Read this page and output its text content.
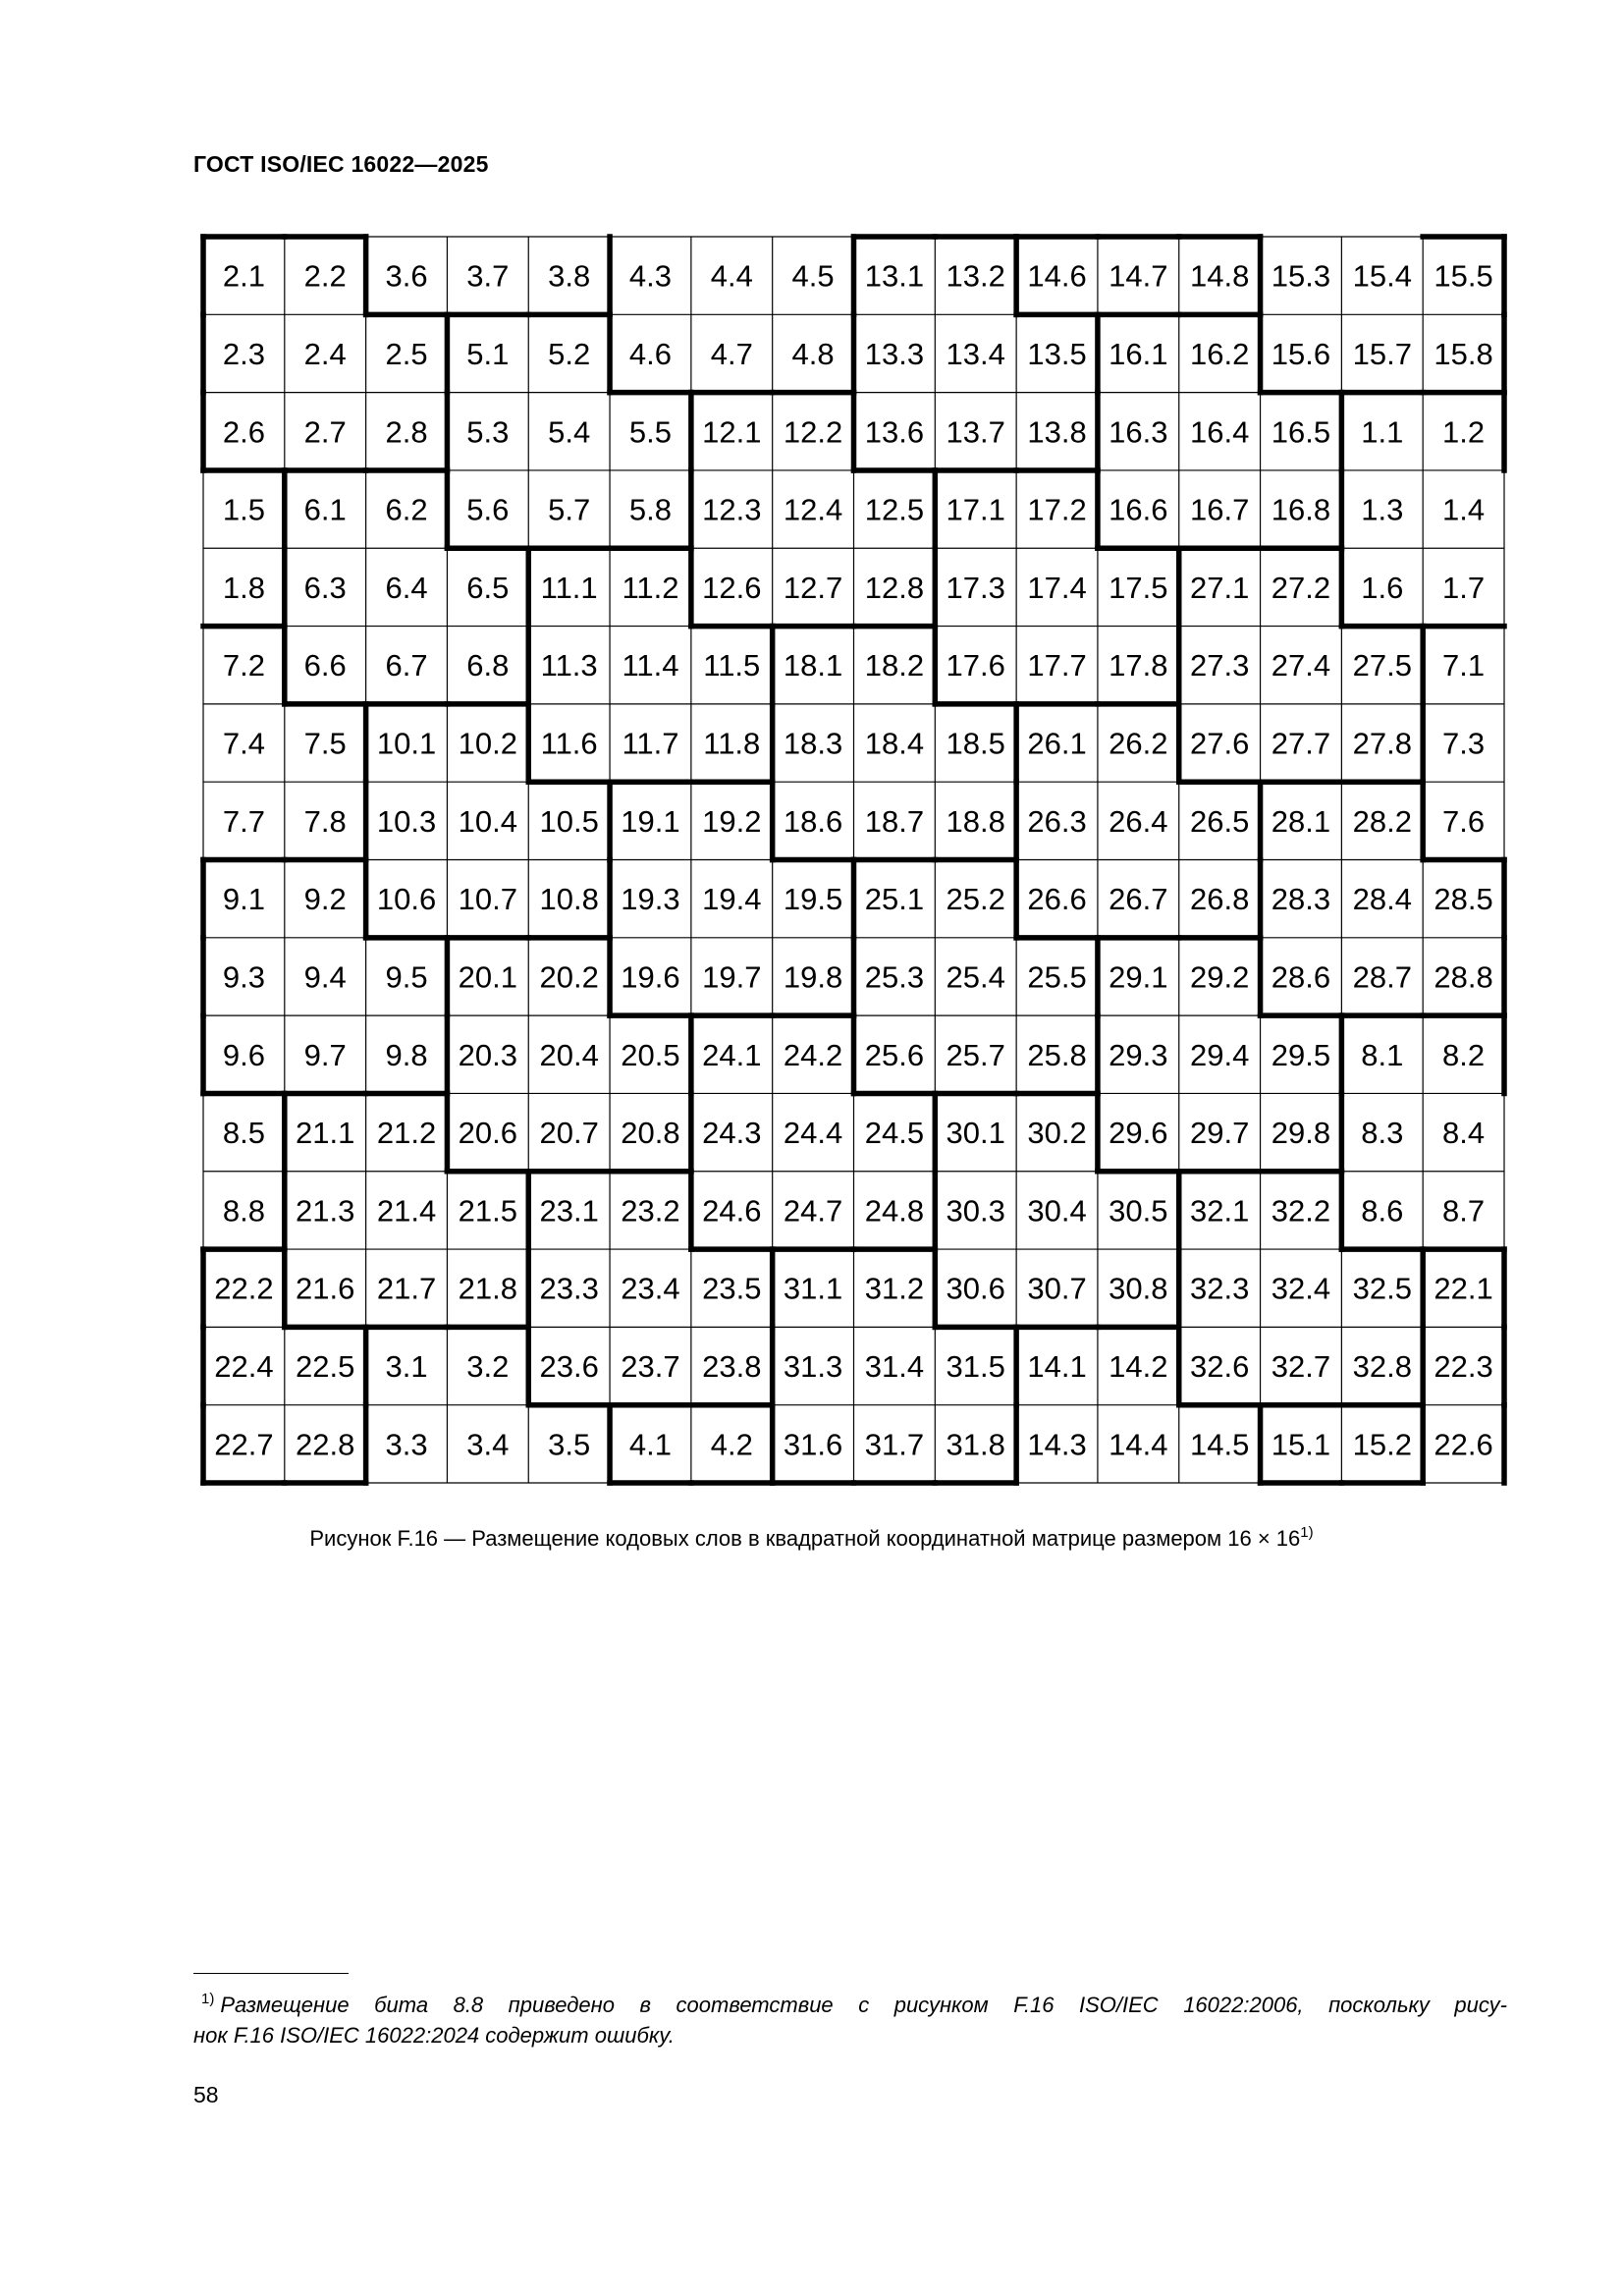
ГОСТ ISO/IEC 16022—2025
2.1 2.2 3.6 3.7 3.8 4.3 4.4 4.5 13.1 13.2 14.6 14.7 14.8 15.3 15.4 15.5
2.3 2.4 2.5 5.1 5.2 4.6 4.7 4.8 13.3 13.4 13.5 16.1 16.2 15.6 15.7 15.8
2.6 2.7 2.8 5.3 5.4 5.5 12.1 12.2 13.6 13.7 13.8 16.3 16.4 16.5 1.1 1.2
1.5 6.1 6.2 5.6 5.7 5.8 12.3 12.4 12.5 17.1 17.2 16.6 16.7 16.8 1.3 1.4
1.8 6.3 6.4 6.5 11.1 11.2 12.6 12.7 12.8 17.3 17.4 17.5 27.1 27.2 1.6 1.7
7.2 6.6 6.7 6.8 11.3 11.4 11.5 18.1 18.2 17.6 17.7 17.8 27.3 27.4 27.5 7.1
7.4 7.5 10.1 10.2 11.6 11.7 11.8 18.3 18.4 18.5 26.1 26.2 27.6 27.7 27.8 7.3
7.7 7.8 10.3 10.4 10.5 19.1 19.2 18.6 18.7 18.8 26.3 26.4 26.5 28.1 28.2 7.6
9.1 9.2 10.6 10.7 10.8 19.3 19.4 19.5 25.1 25.2 26.6 26.7 26.8 28.3 28.4 28.5
9.3 9.4 9.5 20.1 20.2 19.6 19.7 19.8 25.3 25.4 25.5 29.1 29.2 28.6 28.7 28.8
9.6 9.7 9.8 20.3 20.4 20.5 24.1 24.2 25.6 25.7 25.8 29.3 29.4 29.5 8.1 8.2
8.5 21.1 21.2 20.6 20.7 20.8 24.3 24.4 24.5 30.1 30.2 29.6 29.7 29.8 8.3 8.4
8.8 21.3 21.4 21.5 23.1 23.2 24.6 24.7 24.8 30.3 30.4 30.5 32.1 32.2 8.6 8.7
22.2 21.6 21.7 21.8 23.3 23.4 23.5 31.1 31.2 30.6 30.7 30.8 32.3 32.4 32.5 22.1
22.4 22.5 3.1 3.2 23.6 23.7 23.8 31.3 31.4 31.5 14.1 14.2 32.6 32.7 32.8 22.3
22.7 22.8 3.3 3.4 3.5 4.1 4.2 31.6 31.7 31.8 14.3 14.4 14.5 15.1 15.2 22.6
Рисунок F.16 — Размещение кодовых слов в квадратной координатной матрице размером $16 \times 16^{1)}$
$^{1)}$ Размещение бита 8.8 приведено в соответствие с рисунком F.16 ISO/IEC 16022:2006, поскольку рису-
нок F.16 ISO/IEC 16022:2024 содержит ошибку.
58
